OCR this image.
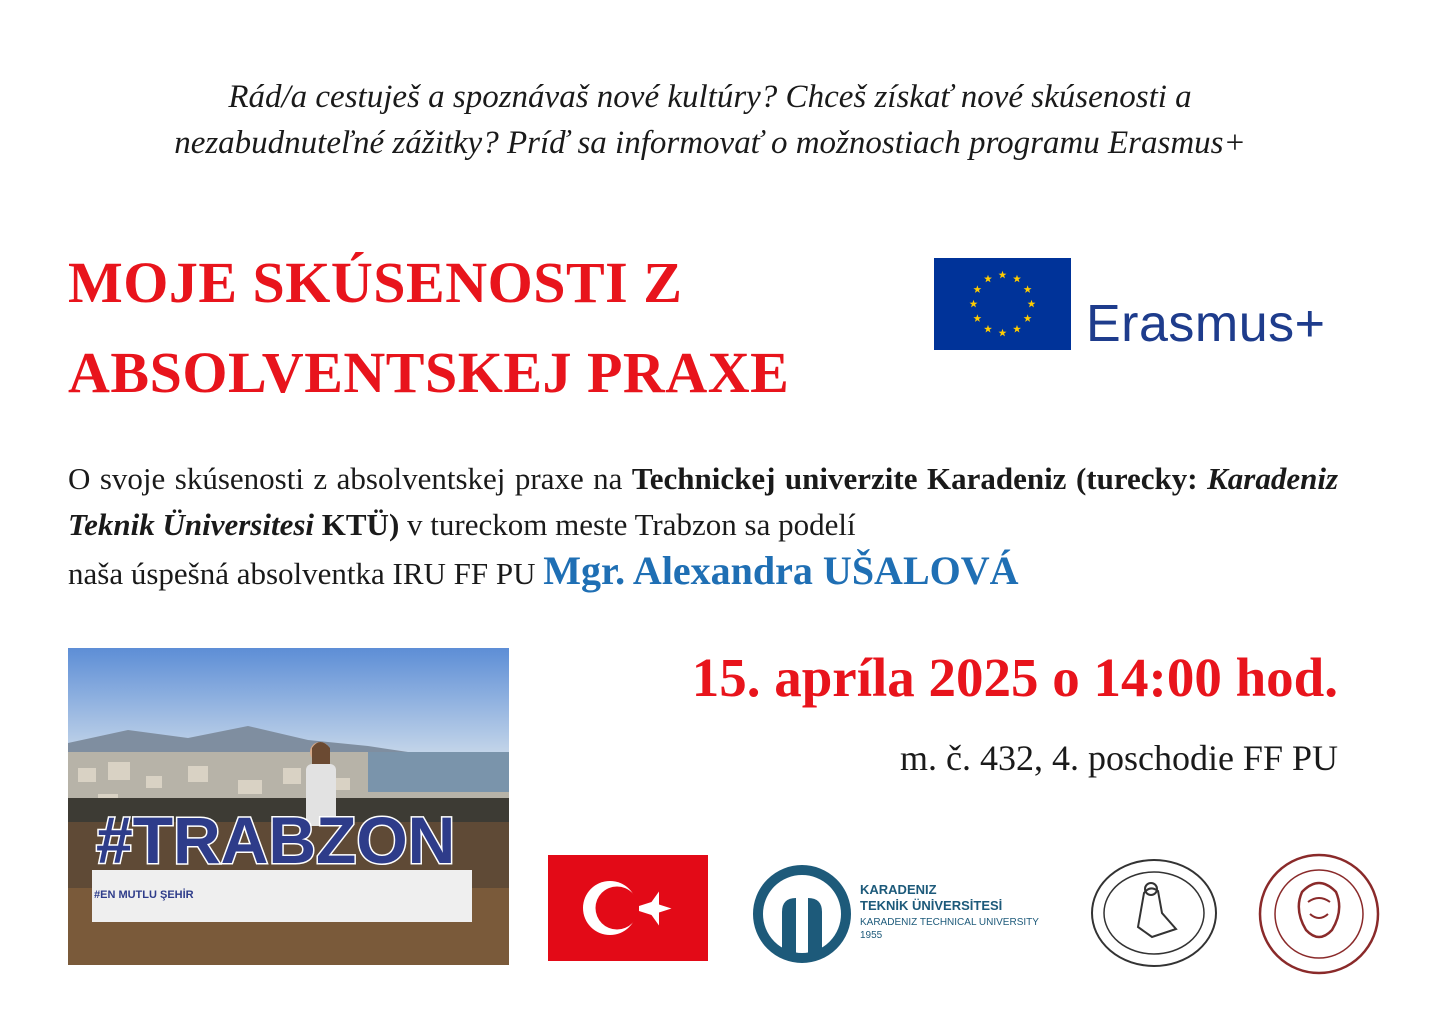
Rád/a cestuješ a spoznávaš nové kultúry? Chceš získať nové skúsenosti a
nezabudnuteľné zážitky? Príď sa informovať o možnostiach programu Erasmus+
MOJE SKÚSENOSTI Z
ABSOLVENTSKEJ PRAXE
Erasmus+
O svoje skúsenosti z absolventskej praxe na Technickej univerzite Karadeniz (turecky: Karadeniz Teknik Üniversitesi KTÜ) v tureckom meste Trabzon sa podelí
naša úspešná absolventka IRU FF PU Mgr. Alexandra UŠALOVÁ
#TRABZON
#EN MUTLU ŞEHİR
15. apríla 2025 o 14:00 hod.
m. č. 432, 4. poschodie FF PU
KARADENIZ
TEKNİK ÜNİVERSİTESİ
KARADENIZ TECHNICAL UNIVERSITY
1955
